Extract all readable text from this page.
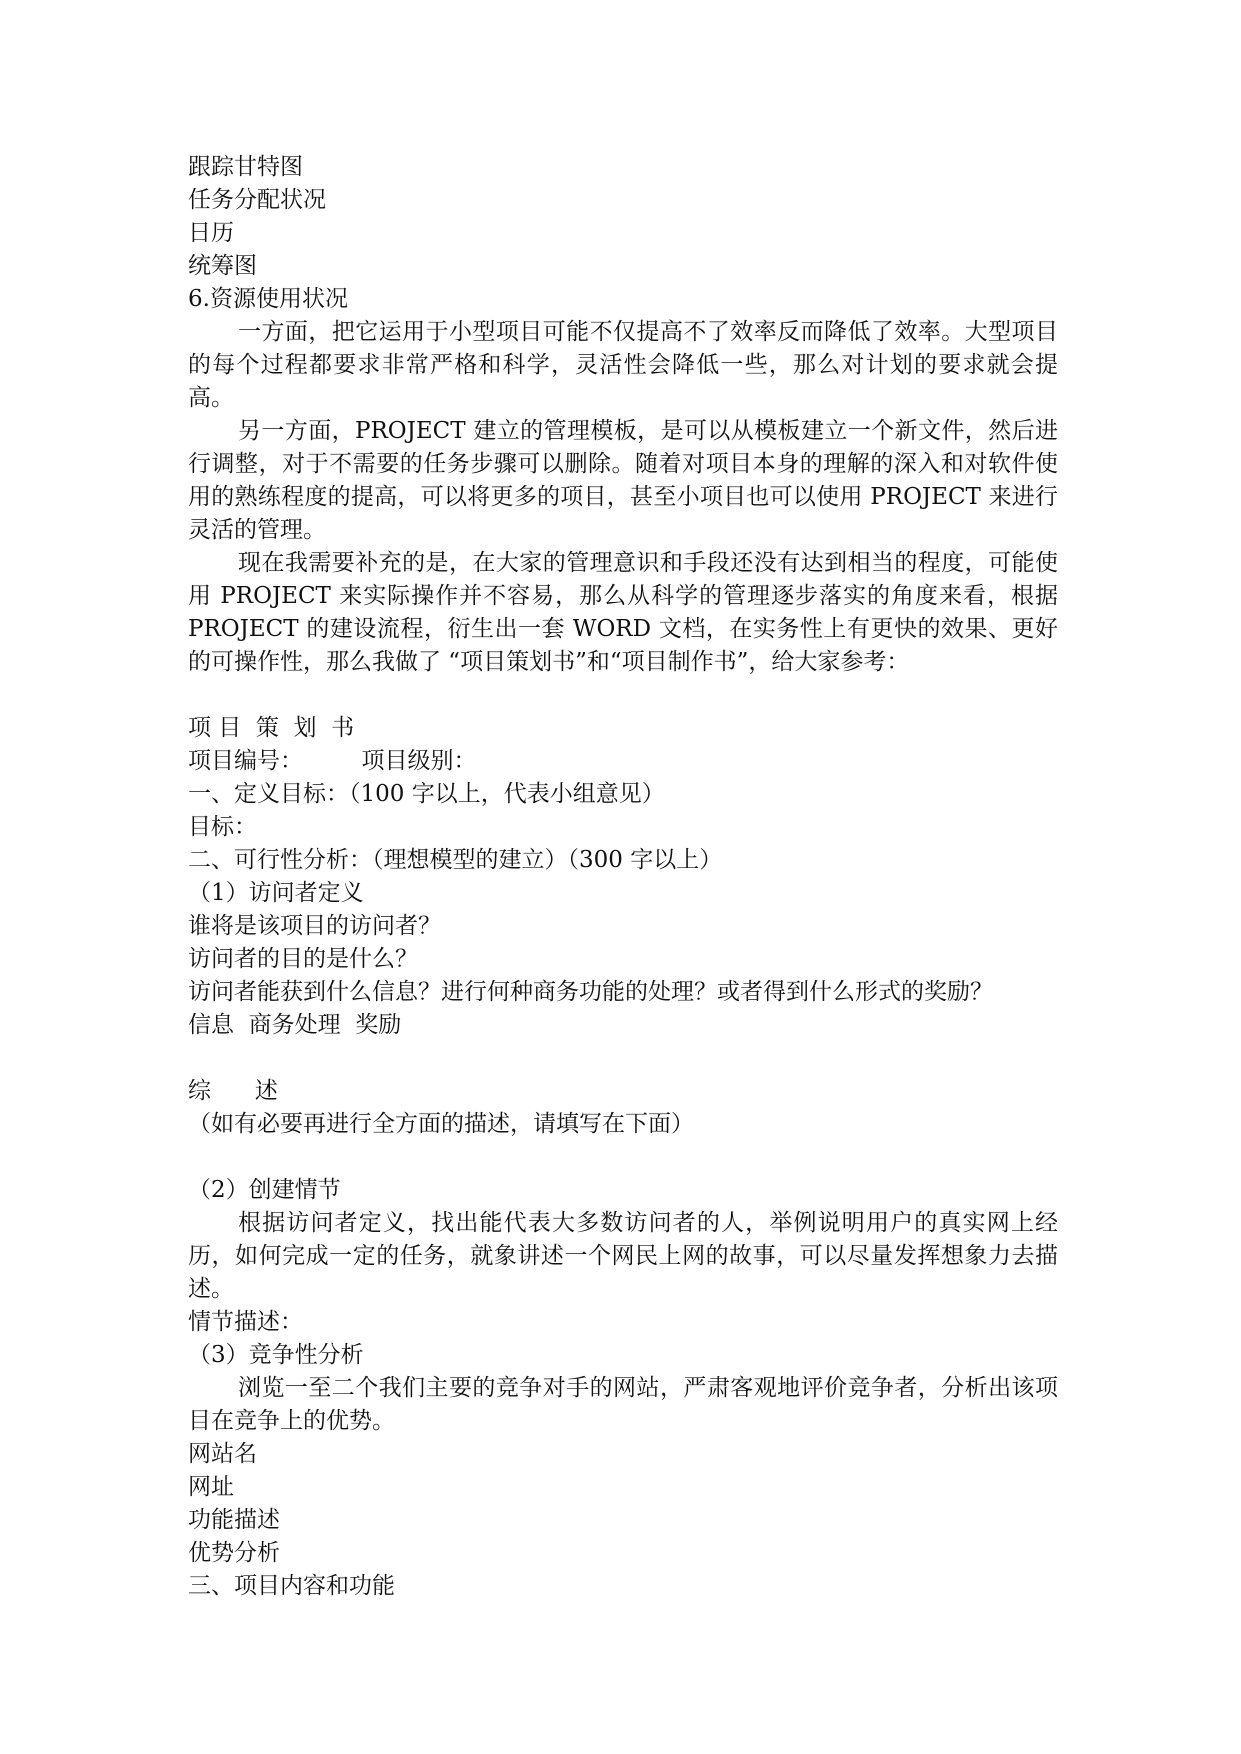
跟踪甘特图
任务分配状况
日历
统筹图
6.资源使用状况
一方面，把它运用于小型项目可能不仅提高不了效率反而降低了效率。大型项目的每个过程都要求非常严格和科学，灵活性会降低一些，那么对计划的要求就会提高。
另一方面，PROJECT 建立的管理模板，是可以从模板建立一个新文件，然后进行调整，对于不需要的任务步骤可以删除。随着对项目本身的理解的深入和对软件使用的熟练程度的提高，可以将更多的项目，甚至小项目也可以使用 PROJECT 来进行灵活的管理。
现在我需要补充的是，在大家的管理意识和手段还没有达到相当的程度，可能使用 PROJECT 来实际操作并不容易，那么从科学的管理逐步落实的角度来看，根据 PROJECT 的建设流程，衍生出一套 WORD 文档，在实务性上有更快的效果、更好的可操作性，那么我做了 “项目策划书”和“项目制作书”，给大家参考：
项 目  策  划  书
项目编号：        项目级别：
一、定义目标：（100 字以上，代表小组意见）
目标：
二、可行性分析：（理想模型的建立）（300 字以上）
（1）访问者定义
谁将是该项目的访问者？
访问者的目的是什么？
访问者能获到什么信息？进行何种商务功能的处理？或者得到什么形式的奖励？
信息  商务处理  奖励
综      述
（如有必要再进行全方面的描述，请填写在下面）
（2）创建情节
根据访问者定义，找出能代表大多数访问者的人，举例说明用户的真实网上经历，如何完成一定的任务，就象讲述一个网民上网的故事，可以尽量发挥想象力去描述。
情节描述：
（3）竞争性分析
浏览一至二个我们主要的竞争对手的网站，严肃客观地评价竞争者，分析出该项目在竞争上的优势。
网站名
网址
功能描述
优势分析
三、项目内容和功能
